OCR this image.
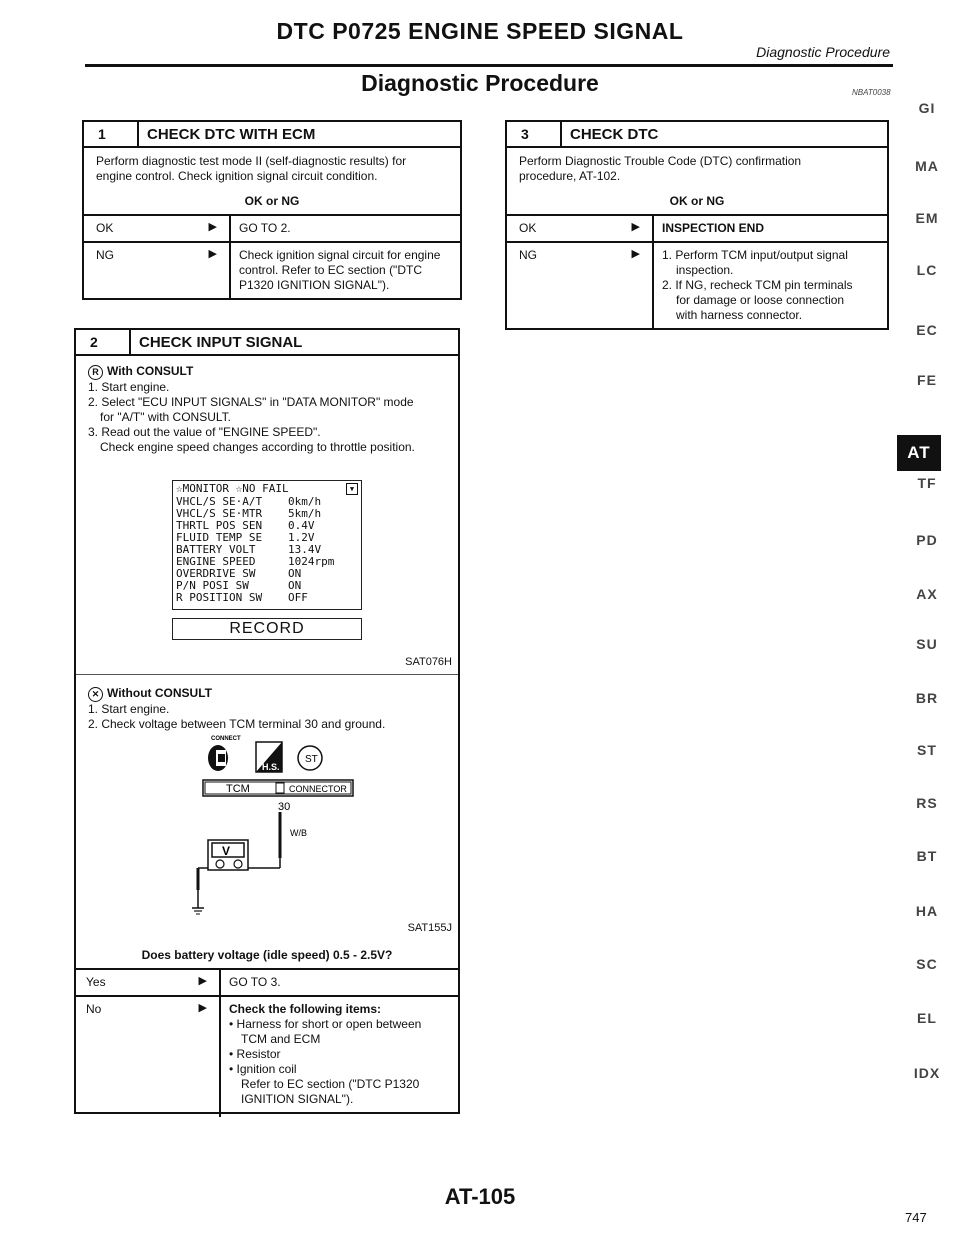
DTC P0725 ENGINE SPEED SIGNAL
Diagnostic Procedure
Diagnostic Procedure	NBAT0038
1	CHECK DTC WITH ECM
Perform diagnostic test mode II (self-diagnostic results) for
engine control. Check ignition signal circuit condition.
OK or NG
OK	▶	GO TO 2.
NG	▶ Check ignition signal circuit for engine
control. Refer to EC section ("DTC
P1320 IGNITION SIGNAL").
2	CHECK INPUT SIGNAL
R With CONSULT
1. Start engine.
2. Select "ECU INPUT SIGNALS" in "DATA MONITOR" mode
for "A/T" with CONSULT.
3. Read out the value of "ENGINE SPEED".
Check engine speed changes according to throttle position.
☆MONITOR ☆NO FAIL	▼
VHCL/S SE·A/T	0km/h
VHCL/S SE·MTR	5km/h
THRTL POS SEN	0.4V
FLUID TEMP SE	1.2V
BATTERY VOLT	13.4V
ENGINE SPEED	1024rpm
OVERDRIVE SW	ON
P/N POSI SW	ON
R POSITION SW	OFF
RECORD
SAT076H
✕ Without CONSULT
1. Start engine.
2. Check voltage between TCM terminal 30 and ground.
CONNECT
H.S.
ST
TCM	CONNECTOR
30
W/B
V
SAT155J
Does battery voltage (idle speed) 0.5 - 2.5V?
Yes	▶	GO TO 3.
No	▶ Check the following items:
• Harness for short or open between
TCM and ECM
• Resistor
• Ignition coil
Refer to EC section ("DTC P1320
IGNITION SIGNAL").
3	CHECK DTC
Perform Diagnostic Trouble Code (DTC) confirmation
procedure, AT-102.
OK or NG
OK	▶	INSPECTION END
NG	▶ 1. Perform TCM input/output signal
inspection.
2. If NG, recheck TCM pin terminals
for damage or loose connection
with harness connector.
GI
MA
EM
LC
EC
FE
AT
TF
PD
AX
SU
BR
ST
RS
BT
HA
SC
EL
IDX
AT-105
747
